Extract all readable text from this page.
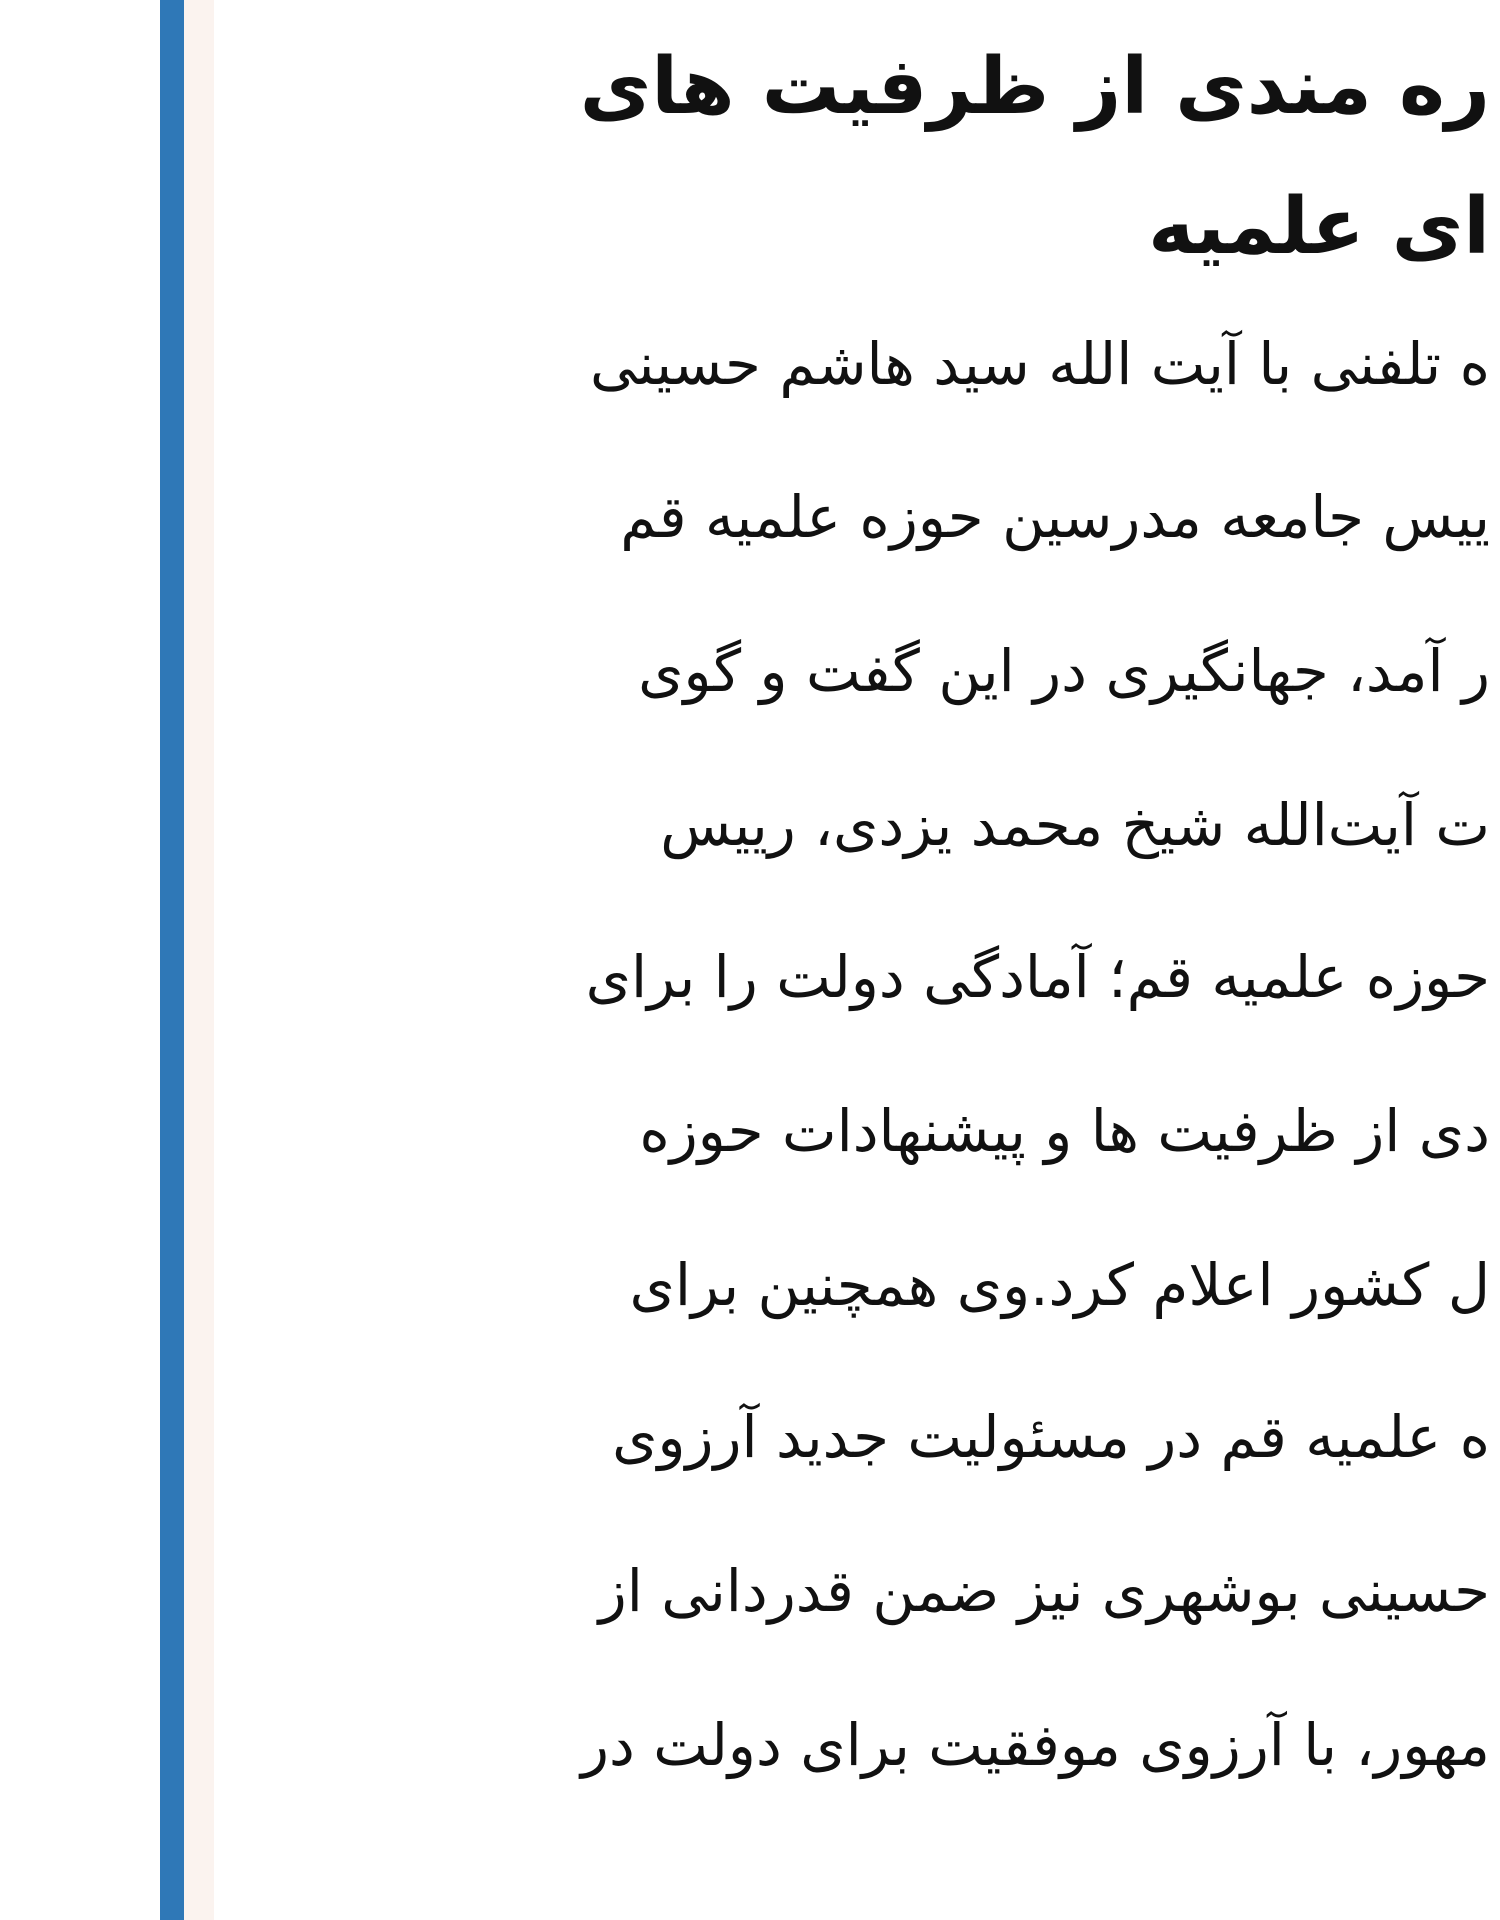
ره مندی از ظرفیت های
ای علمیه

ه تلفنی با آیت الله سید هاشم حسینی

ییس جامعه مدرسین حوزه علمیه قم

ر آمد، جهانگیری در این گفت و گوی

ت آیت‌الله شیخ محمد یزدی، رییس

حوزه علمیه قم؛ آمادگی دولت را برای

دی از ظرفیت ها و پیشنهادات حوزه

ل کشور اعلام کرد.وی همچنین برای

ه علمیه قم در مسئولیت جدید آرزوی

حسینی بوشهری نیز ضمن قدردانی از

مهور، با آرزوی موفقیت برای دولت در
